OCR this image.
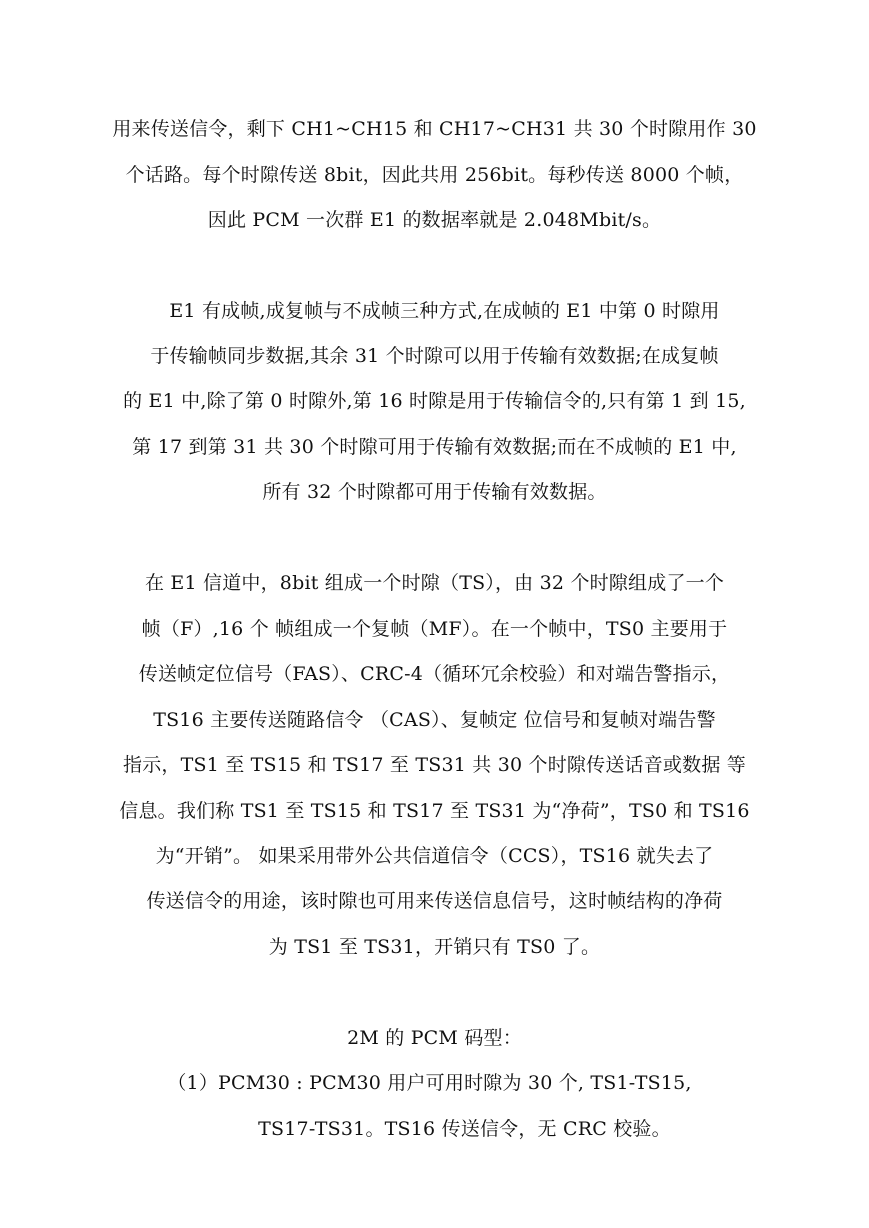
用来传送信令，剩下 CH1~CH15 和 CH17~CH31 共 30 个时隙用作 30
个话路。每个时隙传送 8bit，因此共用 256bit。每秒传送 8000 个帧，
因此 PCM 一次群 E1 的数据率就是 2.048Mbit/s。
E1 有成帧,成复帧与不成帧三种方式,在成帧的 E1 中第 0 时隙用
于传输帧同步数据,其余 31 个时隙可以用于传输有效数据;在成复帧
的 E1 中,除了第 0 时隙外,第 16 时隙是用于传输信令的,只有第 1 到 15,
第 17 到第 31 共 30 个时隙可用于传输有效数据;而在不成帧的 E1 中,
所有 32 个时隙都可用于传输有效数据。
在 E1 信道中，8bit 组成一个时隙（TS），由 32 个时隙组成了一个
帧（F）,16 个 帧组成一个复帧（MF）。在一个帧中，TS0 主要用于
传送帧定位信号（FAS）、CRC-4（循环冗余校验）和对端告警指示，
TS16 主要传送随路信令 （CAS）、复帧定 位信号和复帧对端告警
指示，TS1 至 TS15 和 TS17 至 TS31 共 30 个时隙传送话音或数据 等
信息。我们称 TS1 至 TS15 和 TS17 至 TS31 为“净荷”，TS0 和 TS16
为“开销”。 如果采用带外公共信道信令（CCS），TS16 就失去了
传送信令的用途，该时隙也可用来传送信息信号，这时帧结构的净荷
为 TS1 至 TS31，开销只有 TS0 了。
2M 的 PCM 码型：
（1）PCM30 : PCM30 用户可用时隙为 30 个, TS1-TS15,
TS17-TS31。TS16 传送信令，无 CRC 校验。
